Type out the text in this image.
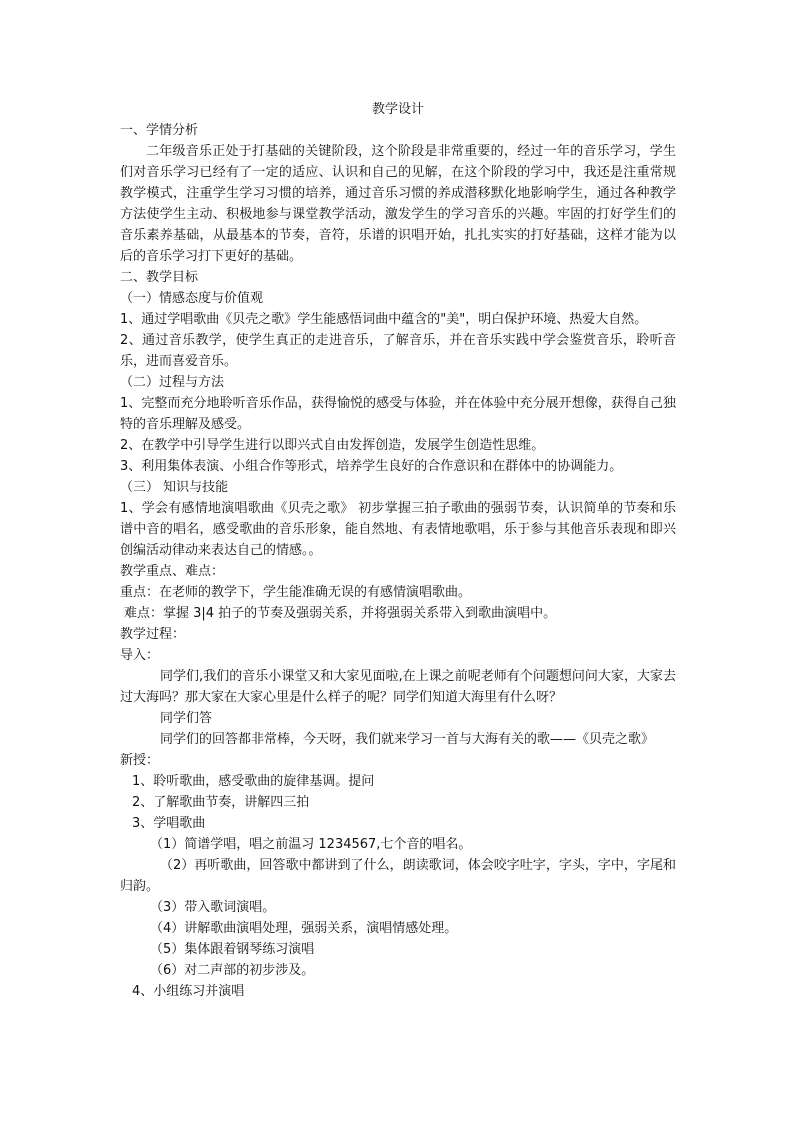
教学设计

一、学情分析

二年级音乐正处于打基础的关键阶段，这个阶段是非常重要的，经过一年的音乐学习，学生们对音乐学习已经有了一定的适应、认识和自己的见解，在这个阶段的学习中，我还是注重常规教学模式，注重学生学习习惯的培养，通过音乐习惯的养成潜移默化地影响学生，通过各种教学方法使学生主动、积极地参与课堂教学活动，激发学生的学习音乐的兴趣。牢固的打好学生们的音乐素养基础，从最基本的节奏，音符，乐谱的识唱开始，扎扎实实的打好基础，这样才能为以后的音乐学习打下更好的基础。

二、教学目标

（一）情感态度与价值观

1、通过学唱歌曲《贝壳之歌》学生能感悟词曲中蕴含的"美"，明白保护环境、热爱大自然。

2、通过音乐教学，使学生真正的走进音乐，了解音乐，并在音乐实践中学会鉴赏音乐，聆听音乐，进而喜爱音乐。

（二）过程与方法

1、完整而充分地聆听音乐作品，获得愉悦的感受与体验，并在体验中充分展开想像，获得自己独特的音乐理解及感受。

2、在教学中引导学生进行以即兴式自由发挥创造，发展学生创造性思维。

3、利用集体表演、小组合作等形式，培养学生良好的合作意识和在群体中的协调能力。

（三） 知识与技能

1、学会有感情地演唱歌曲《贝壳之歌》 初步掌握三拍子歌曲的强弱节奏，认识简单的节奏和乐谱中音的唱名，感受歌曲的音乐形象，能自然地、有表情地歌唱，乐于参与其他音乐表现和即兴创编活动律动来表达自己的情感。。

教学重点、难点：

重点：在老师的教学下，学生能准确无误的有感情演唱歌曲。

难点：掌握 3|4 拍子的节奏及强弱关系，并将强弱关系带入到歌曲演唱中。

教学过程：

导入：

同学们,我们的音乐小课堂又和大家见面啦,在上课之前呢老师有个问题想问问大家，大家去过大海吗？那大家在大家心里是什么样子的呢？同学们知道大海里有什么呀？

同学们答

同学们的回答都非常棒，今天呀，我们就来学习一首与大海有关的歌——《贝壳之歌》

新授：

1、聆听歌曲，感受歌曲的旋律基调。提问

2、了解歌曲节奏，讲解四三拍

3、学唱歌曲

（1）简谱学唱，唱之前温习 1234567,七个音的唱名。

（2）再听歌曲，回答歌中都讲到了什么，朗读歌词，体会咬字吐字，字头，字中，字尾和归韵。

（3）带入歌词演唱。

（4）讲解歌曲演唱处理，强弱关系，演唱情感处理。

（5）集体跟着钢琴练习演唱

（6）对二声部的初步涉及。

4、小组练习并演唱
